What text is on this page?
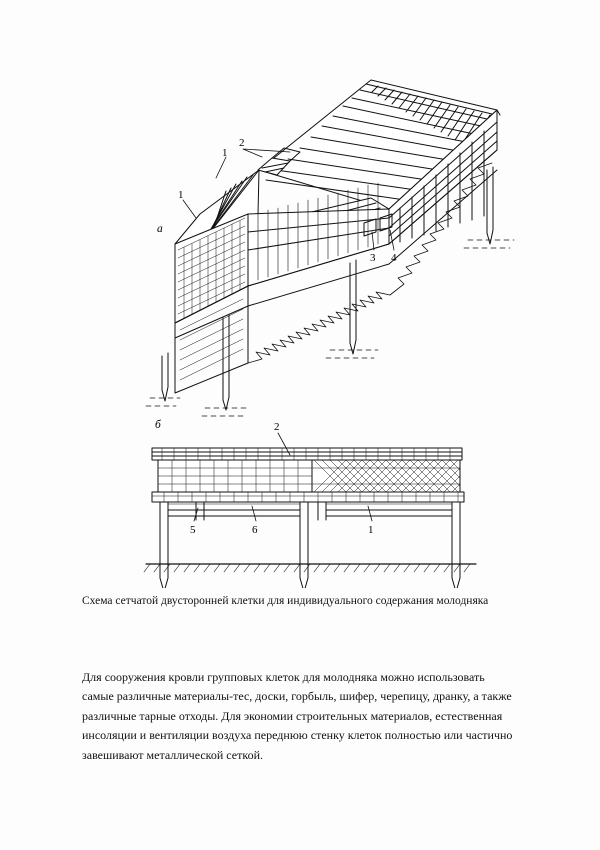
а
б
2
1
1
3 4
2
5	6	1
Схема сетчатой двусторонней клетки для индивидуального содержания молодняка

Для сооружения кровли групповых клеток для молодняка можно использовать самые различные материалы-тес, доски, горбыль, шифер, черепицу, дранку, а также различные тарные отходы. Для экономии строительных материалов, естественная инсоляции и вентиляции воздуха переднюю стенку клеток полностью или частично завешивают металлической сеткой.
